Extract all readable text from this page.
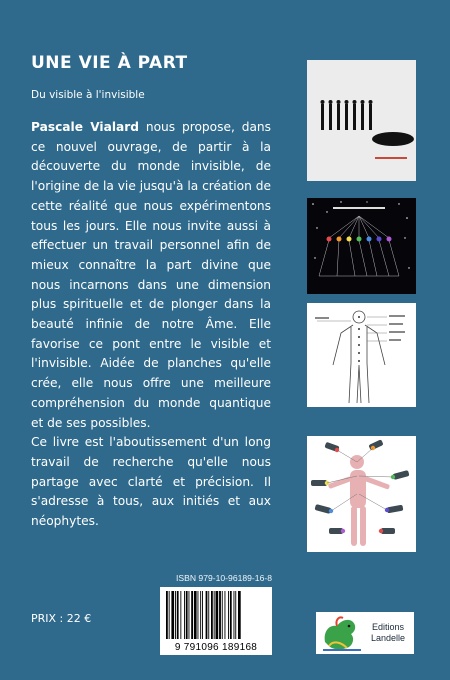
UNE VIE À PART
Du visible à l'invisible

Pascale Vialard nous propose, dans ce nouvel ouvrage, de partir à la découverte du monde invisible, de l'origine de la vie jusqu'à la création de cette réalité que nous expérimentons tous les jours. Elle nous invite aussi à effectuer un travail personnel afin de mieux connaître la part divine que nous incarnons dans une dimension plus spirituelle et de plonger dans la beauté infinie de notre Âme. Elle favorise ce pont entre le visible et l'invisible. Aidée de planches qu'elle crée, elle nous offre une meilleure compréhension du monde quantique et de ses possibles.

Ce livre est l'aboutissement d'un long travail de recherche qu'elle nous partage avec clarté et précision. Il s'adresse à tous, aux initiés et aux néophytes.

PRIX : 22 €
ISBN 979-10-96189-16-8
9 791096 189168
Editions
Landelle
